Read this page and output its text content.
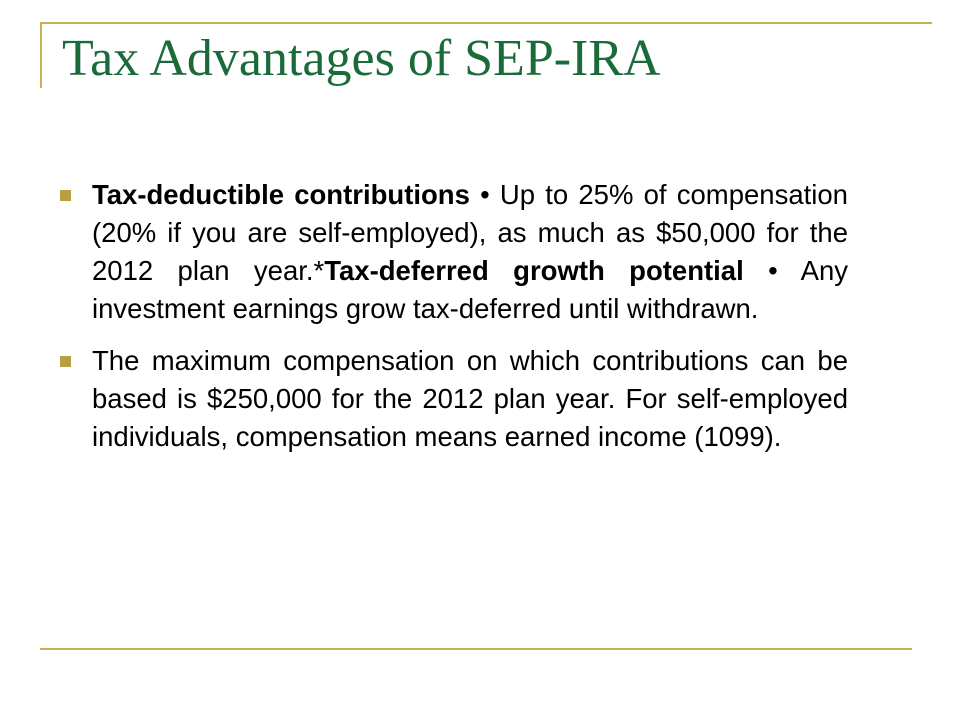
Tax Advantages of SEP-IRA
Tax-deductible contributions • Up to 25% of compensation (20% if you are self-employed), as much as $50,000 for the 2012 plan year.*Tax-deferred growth potential • Any investment earnings grow tax-deferred until withdrawn.
The maximum compensation on which contributions can be based is $250,000 for the 2012 plan year. For self-employed individuals, compensation means earned income (1099).
